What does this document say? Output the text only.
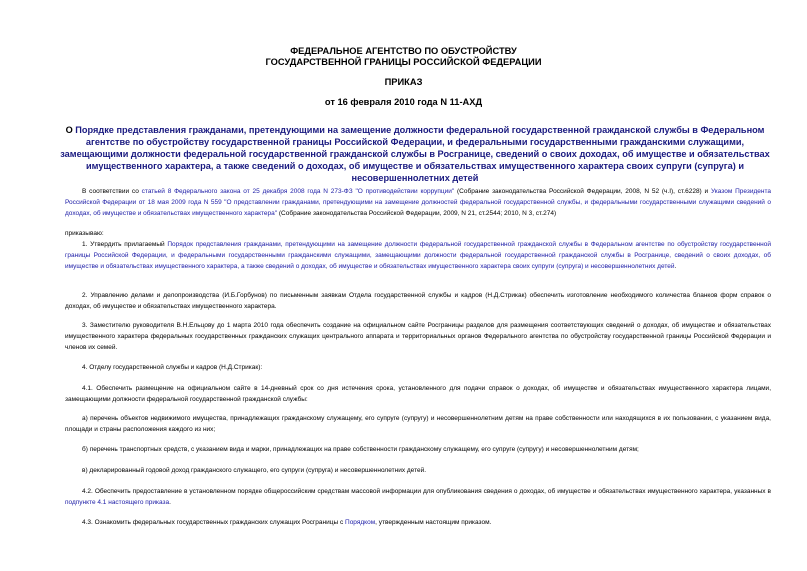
ФЕДЕРАЛЬНОЕ АГЕНТСТВО ПО ОБУСТРОЙСТВУ
ГОСУДАРСТВЕННОЙ ГРАНИЦЫ РОССИЙСКОЙ ФЕДЕРАЦИИ
ПРИКАЗ
от 16 февраля 2010 года N 11-АХД
О Порядке представления гражданами, претендующими на замещение должности федеральной государственной гражданской службы в Федеральном агентстве по обустройству государственной границы Российской Федерации, и федеральными государственными гражданскими служащими, замещающими должности федеральной государственной гражданской службы в Росгранице, сведений о своих доходах, об имуществе и обязательствах имущественного характера, а также сведений о доходах, об имуществе и обязательствах имущественного характера своих супруги (супруга) и несовершеннолетних детей
В соответствии со статьей 8 Федерального закона от 25 декабря 2008 года N 273-ФЗ "О противодействии коррупции" (Собрание законодательства Российской Федерации, 2008, N 52 (ч.I), ст.6228) и Указом Президента Российской Федерации от 18 мая 2009 года N 559 "О представлении гражданами, претендующими на замещение должностей федеральной государственной службы, и федеральными государственными служащими сведений о доходах, об имуществе и обязательствах имущественного характера" (Собрание законодательства Российской Федерации, 2009, N 21, ст.2544; 2010, N 3, ст.274)
приказываю:
1. Утвердить прилагаемый Порядок представления гражданами, претендующими на замещение должности федеральной государственной гражданской службы в Федеральном агентстве по обустройству государственной границы Российской Федерации, и федеральными государственными гражданскими служащими, замещающими должности федеральной государственной гражданской службы в Росгранице, сведений о своих доходах, об имуществе и обязательствах имущественного характера, а также сведений о доходах, об имуществе и обязательствах имущественного характера своих супруги (супруга) и несовершеннолетних детей.
2. Управлению делами и делопроизводства (И.Б.Горбунов) по письменным заявкам Отдела государственной службы и кадров (Н.Д.Стрикак) обеспечить изготовление необходимого количества бланков форм справок о доходах, об имуществе и обязательствах имущественного характера.
3. Заместителю руководителя В.Н.Ельцову до 1 марта 2010 года обеспечить создание на официальном сайте Росграницы разделов для размещения соответствующих сведений о доходах, об имуществе и обязательствах имущественного характера федеральных государственных гражданских служащих центрального аппарата и территориальных органов Федерального агентства по обустройству государственной границы Российской Федерации и членов их семей.
4. Отделу государственной службы и кадров (Н.Д.Стрикак):
4.1. Обеспечить размещение на официальном сайте в 14-дневный срок со дня истечения срока, установленного для подачи справок о доходах, об имуществе и обязательствах имущественного характера лицами, замещающими должности федеральной государственной гражданской службы:
а) перечень объектов недвижимого имущества, принадлежащих гражданскому служащему, его супруге (супругу) и несовершеннолетним детям на праве собственности или находящихся в их пользовании, с указанием вида, площади и страны расположения каждого из них;
б) перечень транспортных средств, с указанием вида и марки, принадлежащих на праве собственности гражданскому служащему, его супруге (супругу) и несовершеннолетним детям;
в) декларированный годовой доход гражданского служащего, его супруги (супруга) и несовершеннолетних детей.
4.2. Обеспечить предоставление в установленном порядке общероссийским средствам массовой информации для опубликования сведения о доходах, об имуществе и обязательствах имущественного характера, указанных в подпункте 4.1 настоящего приказа.
4.3. Ознакомить федеральных государственных гражданских служащих Росграницы с Порядком, утвержденным настоящим приказом.
